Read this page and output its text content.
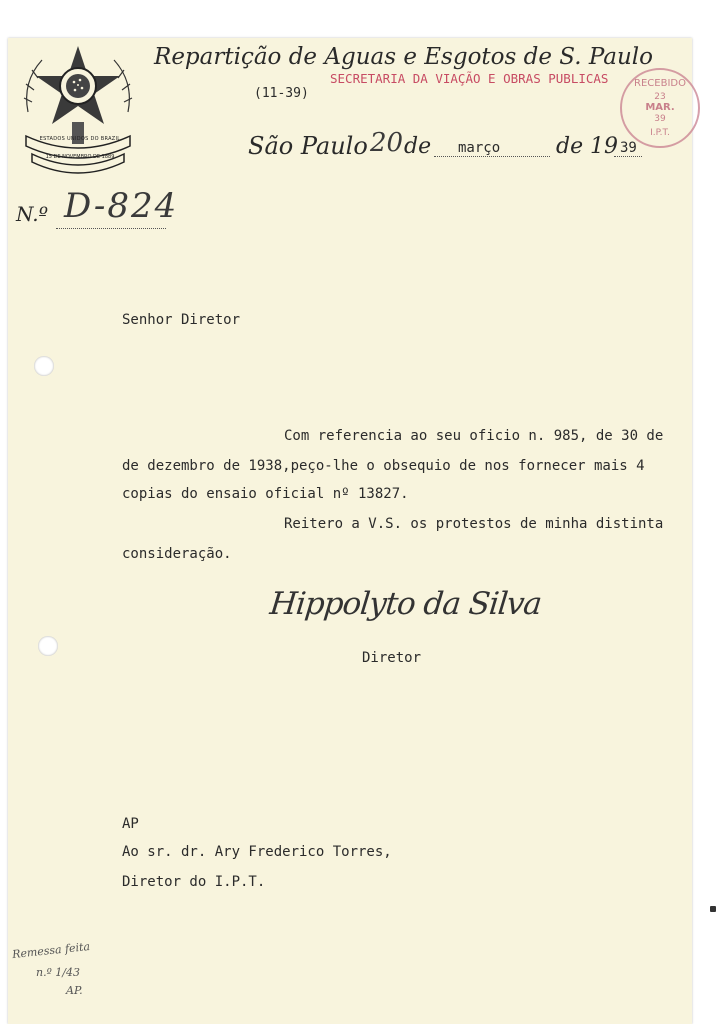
ESTADOS UNIDOS DO BRAZIL
15 DE NOVEMBRO DE 1889
Repartição de Aguas e Esgotos de S. Paulo
(11-39)
SECRETARIA DA VIAÇÃO E OBRAS PUBLICAS	RECEBIDO
23
MAR.
39
I.P.T.
São Paulo 20 de março	de 19 39
N.º D-824
Senhor Diretor
Com referencia ao seu oficio n. 985, de 30 de
de dezembro de 1938,peço-lhe o obsequio de nos fornecer mais 4
copias do ensaio oficial nº 13827.
Reitero a V.S. os protestos de minha distinta
consideração.
Hippolyto da Silva
Diretor
AP
Ao sr. dr. Ary Frederico Torres,
Diretor do I.P.T.
Remessa feita
n.º 1/43
AP.
